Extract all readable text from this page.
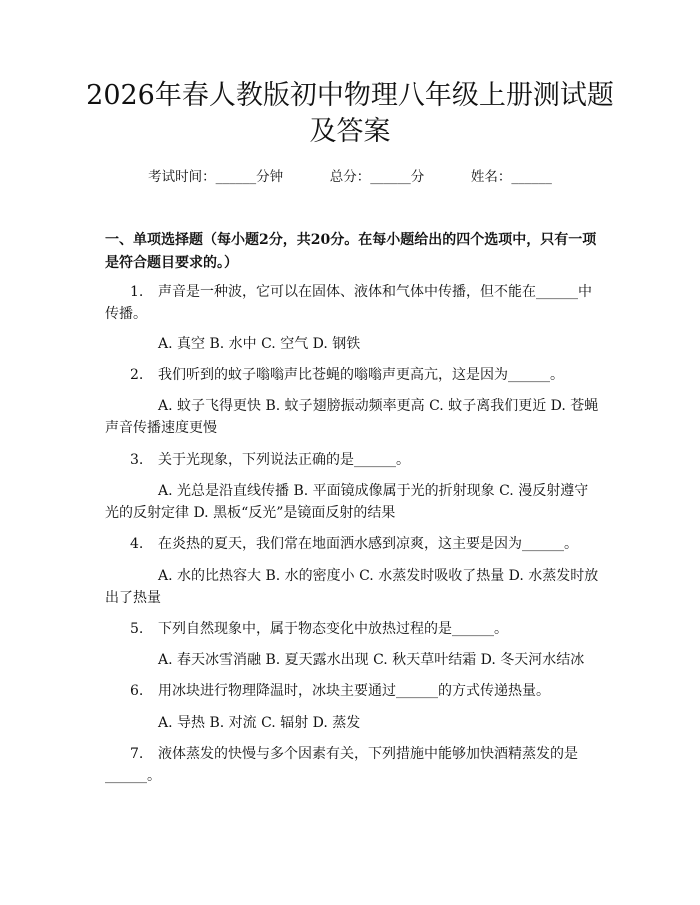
2026年春人教版初中物理八年级上册测试题
及答案
考试时间：______分钟	总分：______分	姓名：______
一、单项选择题（每小题2分，共20分。在每小题给出的四个选项中，只有一项是符合题目要求的。）
1.	声音是一种波，它可以在固体、液体和气体中传播，但不能在______中传播。
A. 真空 B. 水中 C. 空气 D. 钢铁
2.	我们听到的蚊子嗡嗡声比苍蝇的嗡嗡声更高亢，这是因为______。
A. 蚊子飞得更快 B. 蚊子翅膀振动频率更高 C. 蚊子离我们更近 D. 苍蝇声音传播速度更慢
3.	关于光现象，下列说法正确的是______。
A. 光总是沿直线传播 B. 平面镜成像属于光的折射现象 C. 漫反射遵守光的反射定律 D. 黑板“反光”是镜面反射的结果
4.	在炎热的夏天，我们常在地面洒水感到凉爽，这主要是因为______。
A. 水的比热容大 B. 水的密度小 C. 水蒸发时吸收了热量 D. 水蒸发时放出了热量
5.	下列自然现象中，属于物态变化中放热过程的是______。
A. 春天冰雪消融 B. 夏天露水出现 C. 秋天草叶结霜 D. 冬天河水结冰
6.	用冰块进行物理降温时，冰块主要通过______的方式传递热量。
A. 导热 B. 对流 C. 辐射 D. 蒸发
7.	液体蒸发的快慢与多个因素有关，下列措施中能够加快酒精蒸发的是______。
